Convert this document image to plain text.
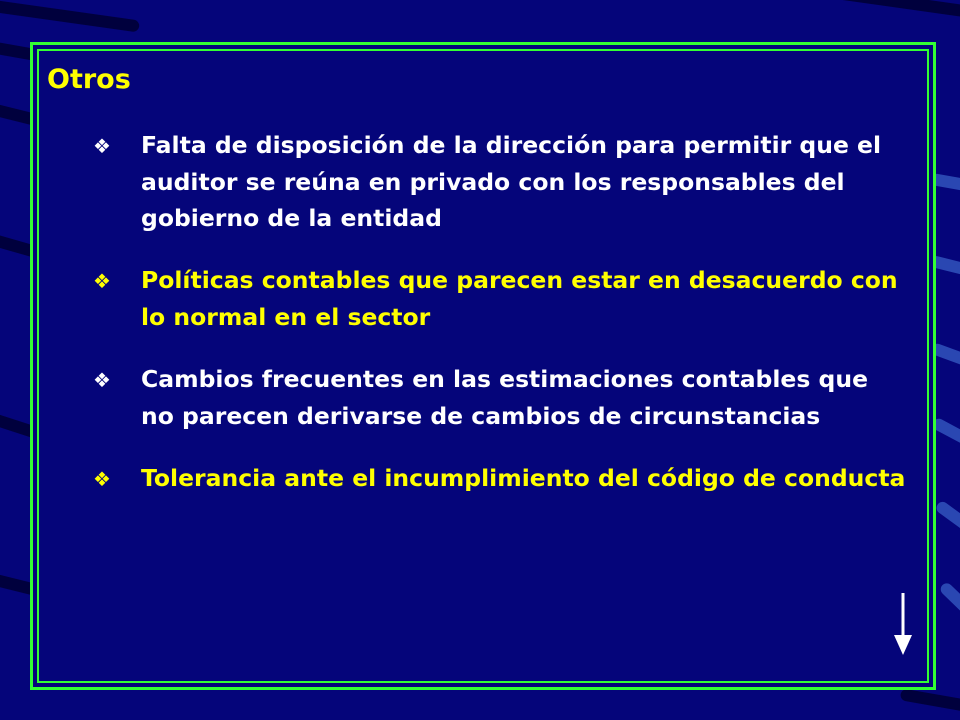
Otros
❖ Falta de disposición de la dirección para permitir que el auditor se reúna en privado con los responsables del gobierno de la entidad
❖ Políticas contables que parecen estar en desacuerdo con lo normal en el sector
❖ Cambios frecuentes en las estimaciones contables que no parecen derivarse de cambios de circunstancias
❖ Tolerancia ante el incumplimiento del código de conducta
